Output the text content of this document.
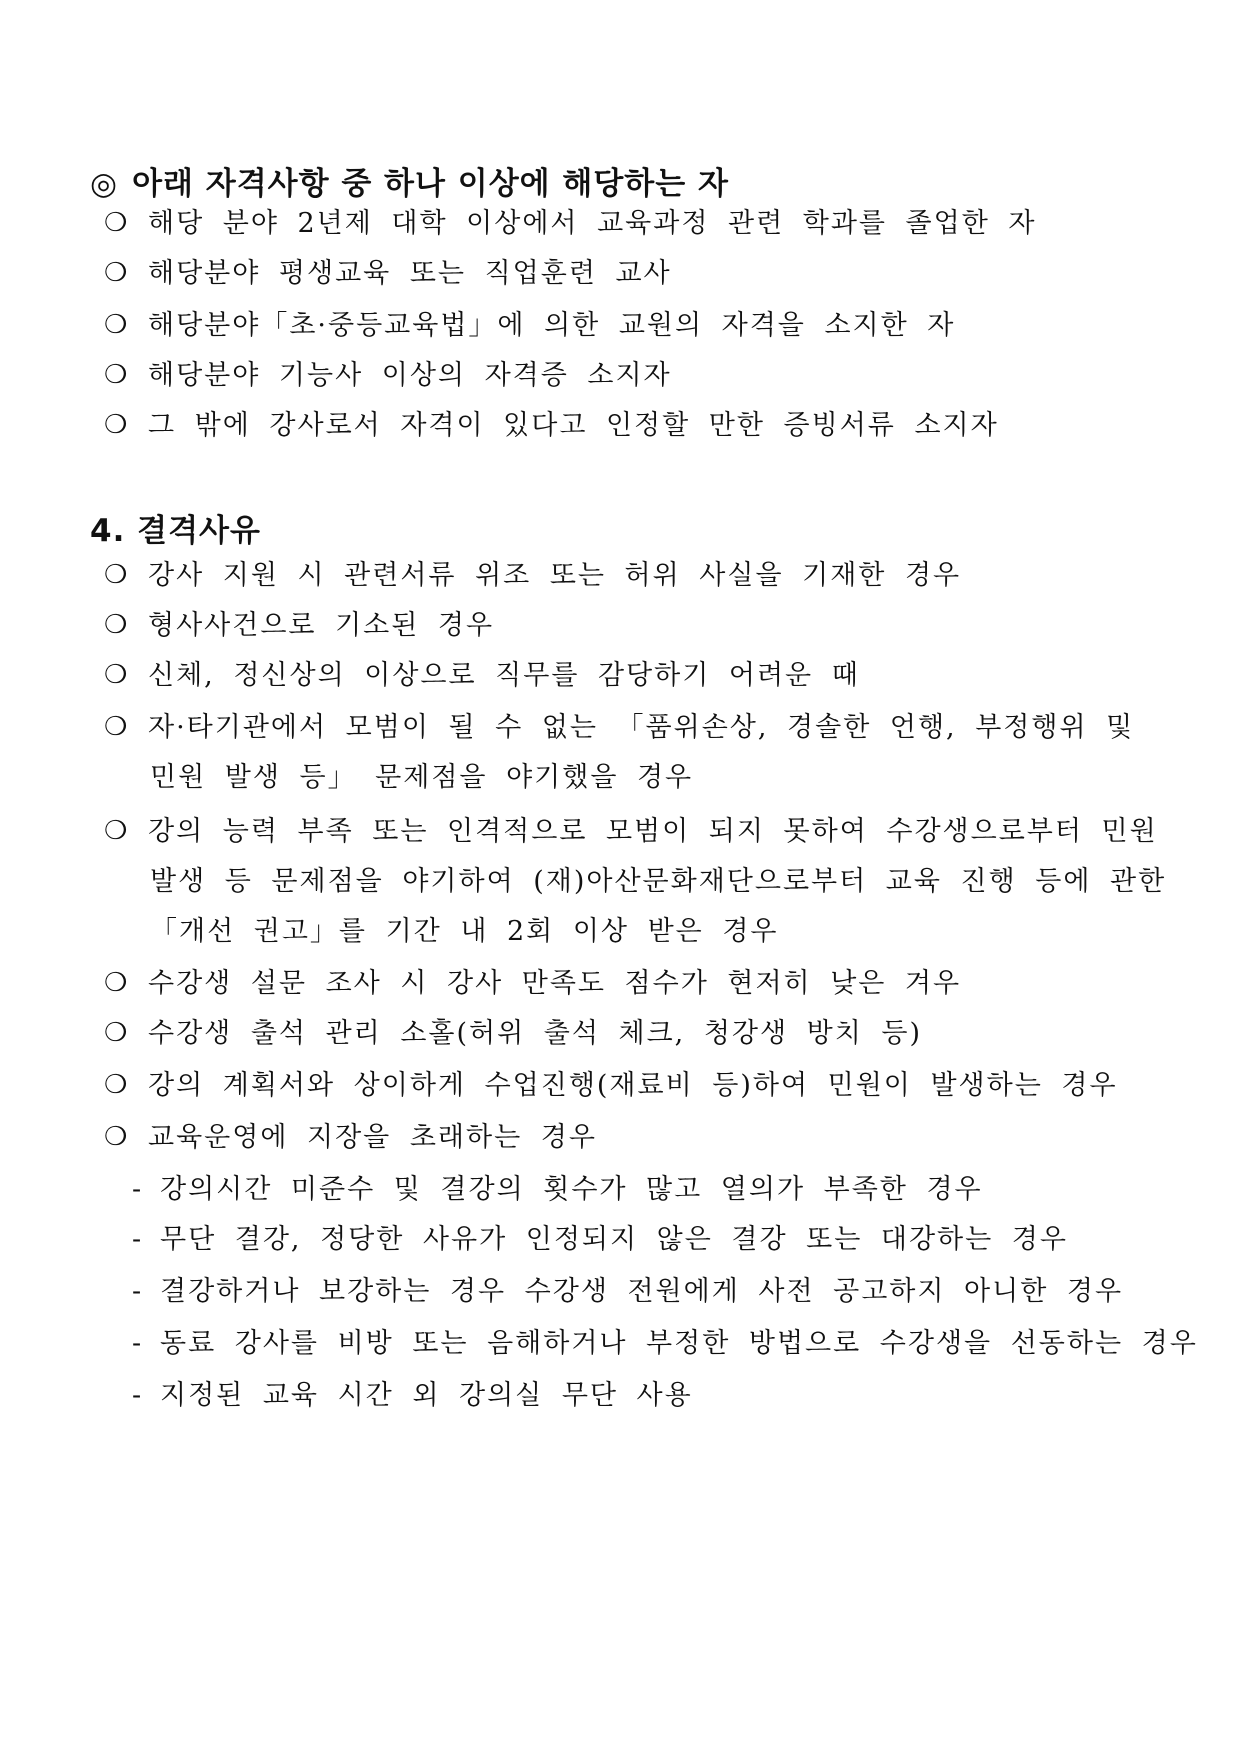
◎ 아래 자격사항 중 하나 이상에 해당하는 자
❍ 해당 분야 2년제 대학 이상에서 교육과정 관련 학과를 졸업한 자
❍ 해당분야 평생교육 또는 직업훈련 교사
❍ 해당분야「초·중등교육법」에 의한 교원의 자격을 소지한 자
❍ 해당분야 기능사 이상의 자격증 소지자
❍ 그 밖에 강사로서 자격이 있다고 인정할 만한 증빙서류 소지자
4. 결격사유
❍ 강사 지원 시 관련서류 위조 또는 허위 사실을 기재한 경우
❍ 형사사건으로 기소된 경우
❍ 신체, 정신상의 이상으로 직무를 감당하기 어려운 때
❍ 자·타기관에서 모범이 될 수 없는 「품위손상, 경솔한 언행, 부정행위 및
민원 발생 등」 문제점을 야기했을 경우
❍ 강의 능력 부족 또는 인격적으로 모범이 되지 못하여 수강생으로부터 민원
발생 등 문제점을 야기하여 (재)아산문화재단으로부터 교육 진행 등에 관한
「개선 권고」를 기간 내 2회 이상 받은 경우
❍ 수강생 설문 조사 시 강사 만족도 점수가 현저히 낮은 겨우
❍ 수강생 출석 관리 소홀(허위 출석 체크, 청강생 방치 등)
❍ 강의 계획서와 상이하게 수업진행(재료비 등)하여 민원이 발생하는 경우
❍ 교육운영에 지장을 초래하는 경우
- 강의시간 미준수 및 결강의 횟수가 많고 열의가 부족한 경우
- 무단 결강, 정당한 사유가 인정되지 않은 결강 또는 대강하는 경우
- 결강하거나 보강하는 경우 수강생 전원에게 사전 공고하지 아니한 경우
- 동료 강사를 비방 또는 음해하거나 부정한 방법으로 수강생을 선동하는 경우
- 지정된 교육 시간 외 강의실 무단 사용
